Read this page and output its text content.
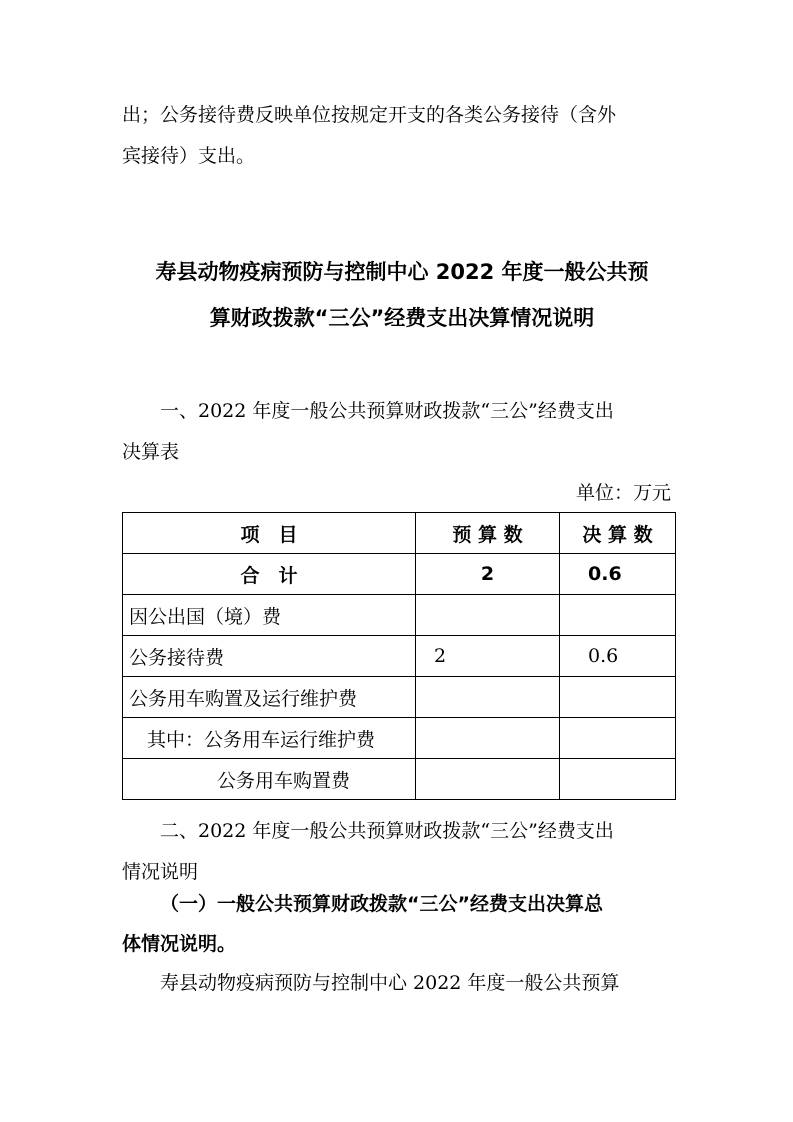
出；公务接待费反映单位按规定开支的各类公务接待（含外
宾接待）支出。
寿县动物疫病预防与控制中心 2022 年度一般公共预
算财政拨款“三公”经费支出决算情况说明
一、2022 年度一般公共预算财政拨款“三公”经费支出
决算表
单位：万元
项　目	预 算 数	决 算 数
合　计	2	0.6
因公出国（境）费		
公务接待费	2	0.6
公务用车购置及运行维护费		
其中：公务用车运行维护费		
公务用车购置费		
二、2022 年度一般公共预算财政拨款“三公”经费支出
情况说明
（一）一般公共预算财政拨款“三公”经费支出决算总
体情况说明。
寿县动物疫病预防与控制中心 2022 年度一般公共预算
